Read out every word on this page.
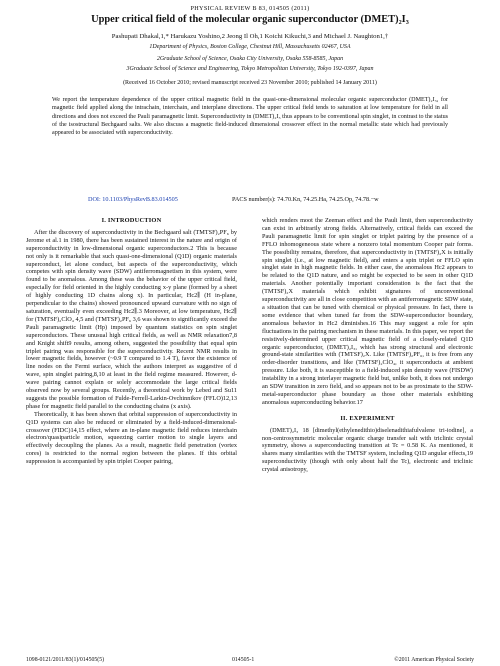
PHYSICAL REVIEW B 83, 014505 (2011)
Upper critical field of the molecular organic superconductor (DMET)₂I₃
Pashupati Dhakal,1,* Harukazu Yoshino,2 Jeong Il Oh,1 Koichi Kikuchi,3 and Michael J. Naughton1,†
1Department of Physics, Boston College, Chestnut Hill, Massachusetts 02467, USA
2Graduate School of Science, Osaka City University, Osaka 558-8585, Japan
3Graduate School of Science and Engineering, Tokyo Metropolitan University, Tokyo 192-0397, Japan
(Received 16 October 2010; revised manuscript received 23 November 2010; published 14 January 2011)
We report the temperature dependence of the upper critical magnetic field in the quasi-one-dimensional molecular organic superconductor (DMET)₂I₃, for magnetic field applied along the intrachain, interchain, and interplane directions. The upper critical field tends to saturation at low temperature for field in all directions and does not exceed the Pauli paramagnetic limit. Superconductivity in (DMET)₂I₃ thus appears to be conventional spin singlet, in contrast to the status of the isostructural Bechgaard salts. We also discuss a magnetic field-induced dimensional crossover effect in the normal metallic state which had previously appeared to be associated with superconductivity.
DOI: 10.1103/PhysRevB.83.014505	PACS number(s): 74.70.Kn, 74.25.Ha, 74.25.Op, 74.78.−w
I. INTRODUCTION

After the discovery of superconductivity in the Bechgaard salt (TMTSF)₂PF₆ by Jerome et al.1 in 1980, there has been sustained interest in the nature and origin of superconductivity in low-dimensional organic superconductors.2 This is because not only is it remarkable that such quasi-one-dimensional (Q1D) organic materials superconduct, let alone conduct, but aspects of the superconductivity, which competes with spin density wave (SDW) antiferromagnetism in this system, were found to be anomalous. Among these was the behavior of the upper critical field, especially for field oriented in the highly conducting x-y plane (formed by a sheet of highly conducting 1D chains along x). In particular, Hc2∥ (H in-plane, perpendicular to the chains) showed pronounced upward curvature with no sign of saturation, eventually even exceeding Hc2∥.3 Moreover, at low temperature, Hc2∥ for (TMTSF)₂ClO₄ 4,5 and (TMTSF)₂PF₆ 3,6 was shown to significantly exceed the Pauli paramagnetic limit (Hp) imposed by quantum statistics on spin singlet superconductors. These unusual high critical fields, as well as NMR relaxation7,8 and Knight shift9 results, among others, suggested the possibility that equal spin triplet pairing was responsible for the superconductivity. Recent NMR results in lower magnetic fields, however (~0.9 T compared to 1.4 T), favor the existence of line nodes on the Fermi surface, which the authors interpret as suggestive of d wave, spin singlet pairing,8,10 at least in the field regime measured. However, d-wave pairing cannot explain or solely accommodate the large critical fields observed now by several groups. Recently, a theoretical work by Lebed and Su11 suggests the possible formation of Fulde-Ferrell-Larkin-Ovchinnikov (FFLO)12,13 phase for magnetic field parallel to the conducting chains (x axis).

Theoretically, it has been shown that orbital suppression of superconductivity in Q1D systems can also be reduced or eliminated by a field-induced-dimensional-crossover (FIDC)14,15 effect, where an in-plane magnetic field reduces interchain electron/quasiparticle motion, squeezing carrier motion to single layers and effectively decoupling the planes. As a result, magnetic field penetration (vortex cores) is restricted to the normal region between the planes. If this orbital suppression is accompanied by spin triplet Cooper pairing,

which renders moot the Zeeman effect and the Pauli limit, then superconductivity can exist in arbitrarily strong fields. Alternatively, critical fields can exceed the Pauli paramagnetic limit for spin singlet or triplet pairing by the presence of a FFLO inhomogeneous state where a nonzero total momentum Cooper pair forms. The possibility remains, therefore, that superconductivity in (TMTSF)₂X is initially spin singlet (i.e., at low magnetic field), and enters a spin triplet or FFLO spin singlet state in high magnetic fields. In either case, the anomalous Hc2 appears to be related to the Q1D nature, and so might be expected to be seen in other Q1D materials. Another potentially important consideration is the fact that the (TMTSF)₂X materials which exhibit signatures of unconventional superconductivity are all in close competition with an antiferromagnetic SDW state, a situation that can be tuned with chemical or physical pressure. In fact, there is some evidence that when tuned far from the SDW-superconductor boundary, anomalous behavior in Hc2 diminishes.16 This may suggest a role for spin fluctuations in the pairing mechanism in these materials. In this paper, we report the resistively-determined upper critical magnetic field of a closely-related Q1D organic superconductor, (DMET)₂I₃, which has strong structural and electronic ground-state similarities with (TMTSF)₂X. Like (TMTSF)₂PF₆, it is free from any order-disorder transitions, and like (TMTSF)₂ClO₄, it superconducts at ambient pressure. Like both, it is susceptible to a field-induced spin density wave (FISDW) instability in a strong interlayer magnetic field but, unlike both, it does not undergo an SDW transition in zero field, and so appears not to be as proximate to the SDW-metal-superconductor phase boundary as those other materials exhibiting anomalous superconducting behavior.17

II. EXPERIMENT

(DMET)₂I₃ 18 [dimethyl(ethylenedithio)diselenadithiafulvalene tri-iodine], a non-centrosymmetric molecular organic charge transfer salt with triclinic crystal symmetry, shows a superconducting transition at Tc = 0.58 K. As mentioned, it shares many similarities with the TMTSF system, including Q1D angular effects,19 superconductivity (though with only about half the Tc), electronic and triclinic crystal anisotropy,

1098-0121/2011/83(1)/014505(5)	014505-1	©2011 American Physical Society
